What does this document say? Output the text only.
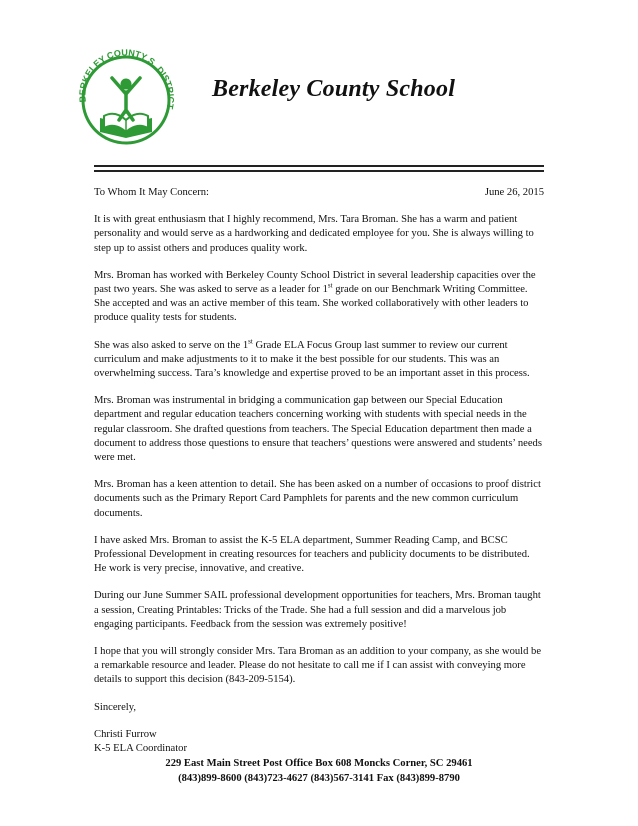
BERKELEY COUNTY S
DISTRICT
Berkeley County School
To Whom It May Concern:	June 26, 2015

It is with great enthusiasm that I highly recommend, Mrs. Tara Broman. She has a warm and patient personality and would serve as a hardworking and dedicated employee for you. She is always willing to step up to assist others and produces quality work.

Mrs. Broman has worked with Berkeley County School District in several leadership capacities over the past two years. She was asked to serve as a leader for 1st grade on our Benchmark Writing Committee. She accepted and was an active member of this team. She worked collaboratively with other leaders to produce quality tests for students.

She was also asked to serve on the 1st Grade ELA Focus Group last summer to review our current curriculum and make adjustments to it to make it the best possible for our students. This was an overwhelming success. Tara’s knowledge and expertise proved to be an important asset in this process.

Mrs. Broman was instrumental in bridging a communication gap between our Special Education department and regular education teachers concerning working with students with special needs in the regular classroom. She drafted questions from teachers. The Special Education department then made a document to address those questions to ensure that teachers’ questions were answered and students’ needs were met.

Mrs. Broman has a keen attention to detail. She has been asked on a number of occasions to proof district documents such as the Primary Report Card Pamphlets for parents and the new common curriculum documents.

I have asked Mrs. Broman to assist the K-5 ELA department, Summer Reading Camp, and BCSC Professional Development in creating resources for teachers and publicity documents to be distributed. He work is very precise, innovative, and creative.

During our June Summer SAIL professional development opportunities for teachers, Mrs. Broman taught a session, Creating Printables: Tricks of the Trade. She had a full session and did a marvelous job engaging participants. Feedback from the session was extremely positive!

I hope that you will strongly consider Mrs. Tara Broman as an addition to your company, as she would be a remarkable resource and leader. Please do not hesitate to call me if I can assist with conveying more details to support this decision (843-209-5154).

Sincerely,

Christi Furrow
K-5 ELA Coordinator
229 East Main Street Post Office Box 608 Moncks Corner, SC 29461
(843)899-8600 (843)723-4627 (843)567-3141 Fax (843)899-8790
